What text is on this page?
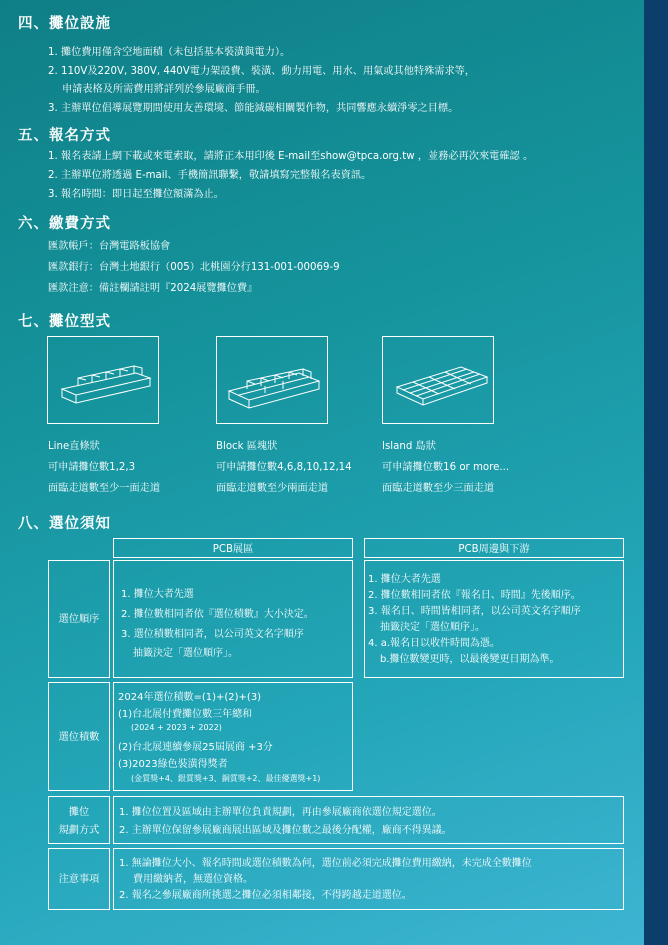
四、攤位設施
1. 攤位費用僅含空地面積（未包括基本裝潢與電力）。
2. 110V及220V, 380V, 440V電力架設費、裝潢、動力用電、用水、用氣或其他特殊需求等，
申請表格及所需費用將詳列於參展廠商手冊。
3. 主辦單位倡導展覽期間使用友善環境、節能減碳相關製作物，共同響應永續淨零之目標。
五、報名方式
1. 報名表請上網下載或來電索取，請將正本用印後 E-mail至show@tpca.org.tw ，並務必再次來電確認 。
2. 主辦單位將透過 E-mail、手機簡訊聯繫，敬請填寫完整報名表資訊。
3. 報名時間：即日起至攤位額滿為止。
六、繳費方式
匯款帳戶：台灣電路板協會
匯款銀行：台灣土地銀行（005）北桃園分行131-001-00069-9
匯款注意：備註欄請註明『2024展覽攤位費』
七、攤位型式
Line直條狀
可申請攤位數1,2,3
面臨走道數至少一面走道
Block 區塊狀
可申請攤位數4,6,8,10,12,14
面臨走道數至少兩面走道
Island 島狀
可申請攤位數16 or more...
面臨走道數至少三面走道
八、選位須知
PCB展區	PCB周邊與下游
選位順序
1. 攤位大者先選
2. 攤位數相同者依『選位積數』大小決定。
3. 選位積數相同者，以公司英文名字順序
抽籤決定「選位順序」。
1. 攤位大者先選
2. 攤位數相同者依『報名日、時間』先後順序。
3. 報名日、時間皆相同者，以公司英文名字順序
抽籤決定「選位順序」。
4. a.報名日以收件時間為憑。
b.攤位數變更時，以最後變更日期為準。
選位積數
2024年選位積數=(1)+(2)+(3)
(1)台北展付費攤位數三年總和
(2024 + 2023 + 2022)
(2)台北展連續參展25屆展商 +3分
(3)2023綠色裝潢得獎者
(金質獎+4、銀質獎+3、銅質獎+2、最佳優選獎+1)
攤位
規劃方式
1. 攤位位置及區域由主辦單位負責規劃，再由參展廠商依選位規定選位。
2. 主辦單位保留參展廠商展出區域及攤位數之最後分配權，廠商不得異議。
注意事項
1. 無論攤位大小、報名時間或選位積數為何，選位前必須完成攤位費用繳納，未完成全數攤位
費用繳納者，無選位資格。
2. 報名之參展廠商所挑選之攤位必須相鄰接，不得跨越走道選位。
